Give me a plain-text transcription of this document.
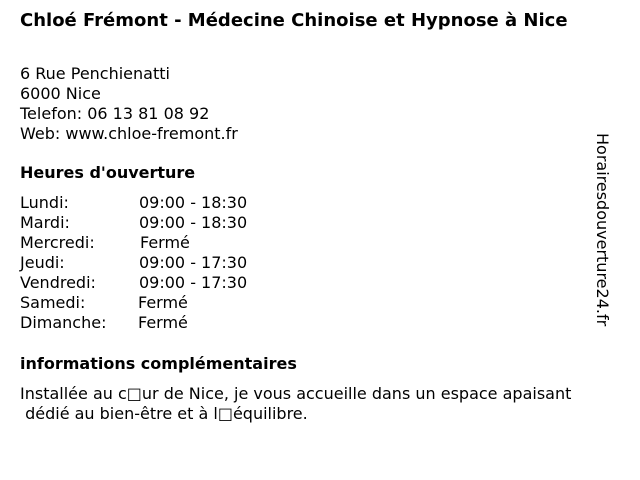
Chloé Frémont - Médecine Chinoise et Hypnose à Nice
6 Rue Penchienatti
6000 Nice
Telefon: 06 13 81 08 92
Web: www.chloe-fremont.fr
Heures d'ouverture
Lundi:	09:00 - 18:30
Mardi:	09:00 - 18:30
Mercredi:	Fermé
Jeudi:	09:00 - 17:30
Vendredi:	09:00 - 17:30
Samedi:	Fermé
Dimanche: Fermé
informations complémentaires
Installée au c□ur de Nice, je vous accueille dans un espace apaisant
dédié au bien-être et à l□équilibre.
Horairesdouverture24.fr
